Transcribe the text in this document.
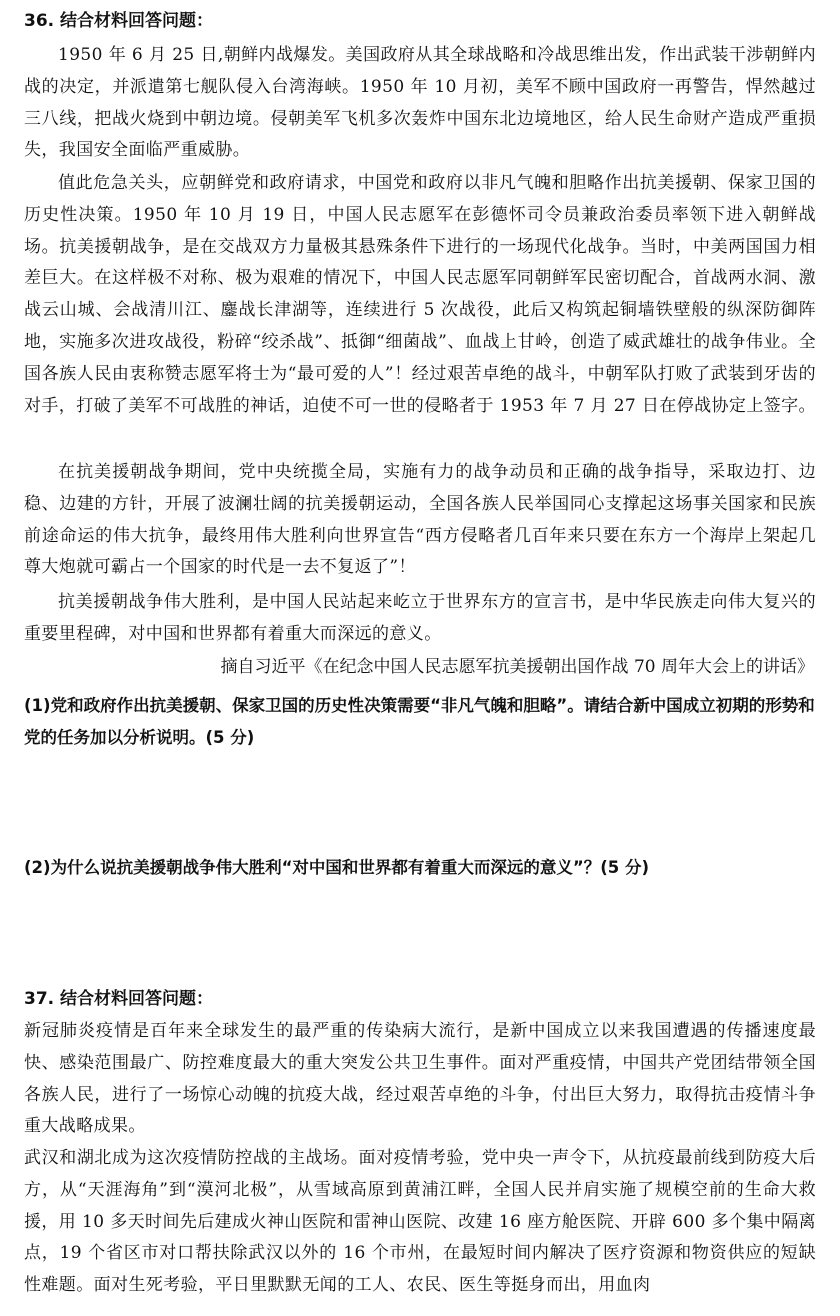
36. 结合材料回答问题：

1950 年 6 月 25 日,朝鲜内战爆发。美国政府从其全球战略和冷战思维出发，作出武装干涉朝鲜内战的决定，并派遣第七舰队侵入台湾海峡。1950 年 10 月初，美军不顾中国政府一再警告，悍然越过三八线，把战火烧到中朝边境。侵朝美军飞机多次轰炸中国东北边境地区，给人民生命财产造成严重损失，我国安全面临严重威胁。

值此危急关头，应朝鲜党和政府请求，中国党和政府以非凡气魄和胆略作出抗美援朝、保家卫国的历史性决策。1950 年 10 月 19 日，中国人民志愿军在彭德怀司令员兼政治委员率领下进入朝鲜战场。抗美援朝战争，是在交战双方力量极其悬殊条件下进行的一场现代化战争。当时，中美两国国力相差巨大。在这样极不对称、极为艰难的情况下，中国人民志愿军同朝鲜军民密切配合，首战两水洞、激战云山城、会战清川江、鏖战长津湖等，连续进行 5 次战役，此后又构筑起铜墙铁壁般的纵深防御阵地，实施多次进攻战役，粉碎“绞杀战”、抵御“细菌战”、血战上甘岭，创造了威武雄壮的战争伟业。全国各族人民由衷称赞志愿军将士为“最可爱的人”！经过艰苦卓绝的战斗，中朝军队打败了武装到牙齿的对手，打破了美军不可战胜的神话，迫使不可一世的侵略者于 1953 年 7 月 27 日在停战协定上签字。

在抗美援朝战争期间，党中央统揽全局，实施有力的战争动员和正确的战争指导，采取边打、边稳、边建的方针，开展了波澜壮阔的抗美援朝运动，全国各族人民举国同心支撑起这场事关国家和民族前途命运的伟大抗争，最终用伟大胜利向世界宣告“西方侵略者几百年来只要在东方一个海岸上架起几尊大炮就可霸占一个国家的时代是一去不复返了”！

抗美援朝战争伟大胜利，是中国人民站起来屹立于世界东方的宣言书，是中华民族走向伟大复兴的重要里程碑，对中国和世界都有着重大而深远的意义。

摘自习近平《在纪念中国人民志愿军抗美援朝出国作战 70 周年大会上的讲话》

(1)党和政府作出抗美援朝、保家卫国的历史性决策需要“非凡气魄和胆略”。请结合新中国成立初期的形势和党的任务加以分析说明。(5 分)

(2)为什么说抗美援朝战争伟大胜利“对中国和世界都有着重大而深远的意义”？(5 分)

37. 结合材料回答问题：

新冠肺炎疫情是百年来全球发生的最严重的传染病大流行，是新中国成立以来我国遭遇的传播速度最快、感染范围最广、防控难度最大的重大突发公共卫生事件。面对严重疫情，中国共产党团结带领全国各族人民，进行了一场惊心动魄的抗疫大战，经过艰苦卓绝的斗争，付出巨大努力，取得抗击疫情斗争重大战略成果。

武汉和湖北成为这次疫情防控战的主战场。面对疫情考验，党中央一声令下，从抗疫最前线到防疫大后方，从“天涯海角”到“漠河北极”，从雪域高原到黄浦江畔，全国人民并肩实施了规模空前的生命大救援，用 10 多天时间先后建成火神山医院和雷神山医院、改建 16 座方舱医院、开辟 600 多个集中隔离点，19 个省区市对口帮扶除武汉以外的 16 个市州，在最短时间内解决了医疗资源和物资供应的短缺性难题。面对生死考验，平日里默默无闻的工人、农民、医生等挺身而出，用血肉
